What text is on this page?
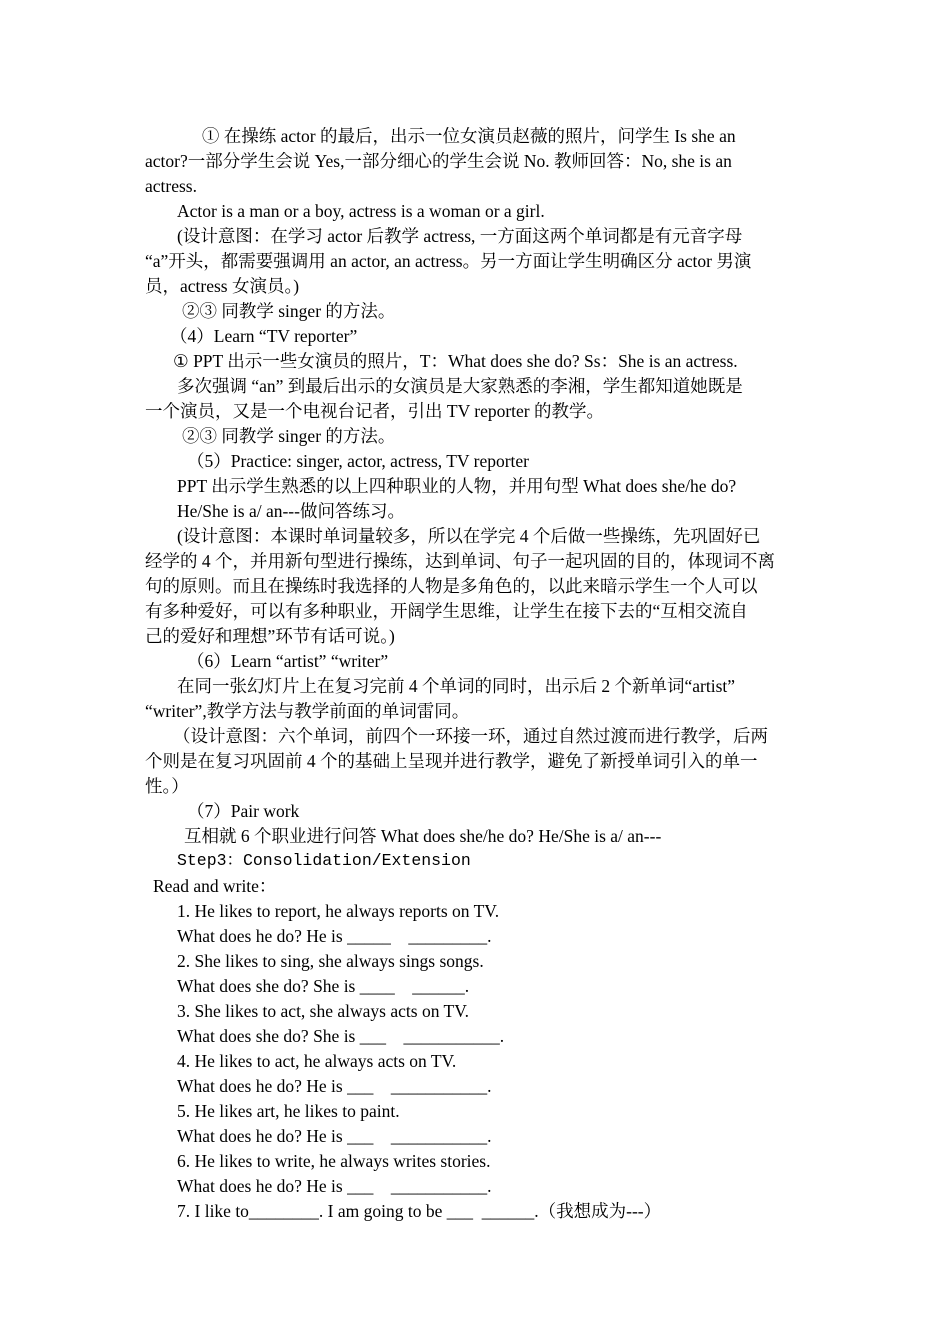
　 ① 在操练 actor 的最后，出示一位女演员赵薇的照片，问学生 Is she an
actor?一部分学生会说 Yes,一部分细心的学生会说 No. 教师回答：No, she is an
actress.
Actor is a man or a boy, actress is a woman or a girl.
(设计意图：在学习 actor 后教学 actress, 一方面这两个单词都是有元音字母
“a”开头，都需要强调用 an actor, an actress。另一方面让学生明确区分 actor 男演
员，actress 女演员。)
②③ 同教学 singer 的方法。
（4）Learn “TV reporter”
① PPT 出示一些女演员的照片，T：What does she do? Ss：She is an actress.
多次强调 “an” 到最后出示的女演员是大家熟悉的李湘，学生都知道她既是
一个演员，又是一个电视台记者，引出 TV reporter 的教学。
②③ 同教学 singer 的方法。
（5）Practice: singer, actor, actress, TV reporter
PPT 出示学生熟悉的以上四种职业的人物，并用句型 What does she/he do?
He/She is a/ an---做问答练习。
(设计意图：本课时单词量较多，所以在学完 4 个后做一些操练，先巩固好已
经学的 4 个，并用新句型进行操练，达到单词、句子一起巩固的目的，体现词不离
句的原则。而且在操练时我选择的人物是多角色的，以此来暗示学生一个人可以
有多种爱好，可以有多种职业，开阔学生思维，让学生在接下去的“互相交流自
己的爱好和理想”环节有话可说。)
（6）Learn “artist” “writer”
在同一张幻灯片上在复习完前 4 个单词的同时，出示后 2 个新单词“artist”
“writer”,教学方法与教学前面的单词雷同。
（设计意图：六个单词，前四个一环接一环，通过自然过渡而进行教学，后两
个则是在复习巩固前 4 个的基础上呈现并进行教学，避免了新授单词引入的单一
性。）
（7）Pair work
互相就 6 个职业进行问答 What does she/he do? He/She is a/ an---
Step3：Consolidation/Extension
Read and write：
1. He likes to report, he always reports on TV.
What does he do? He is _____    _________.
2. She likes to sing, she always sings songs.
What does she do? She is ____    ______.
3. She likes to act, she always acts on TV.
What does she do? She is ___    ___________.
4. He likes to act, he always acts on TV.
What does he do? He is ___    ___________.
5. He likes art, he likes to paint.
What does he do? He is ___    ___________.
6. He likes to write, he always writes stories.
What does he do? He is ___    ___________.
7. I like to________. I am going to be ___  ______.（我想成为---）
